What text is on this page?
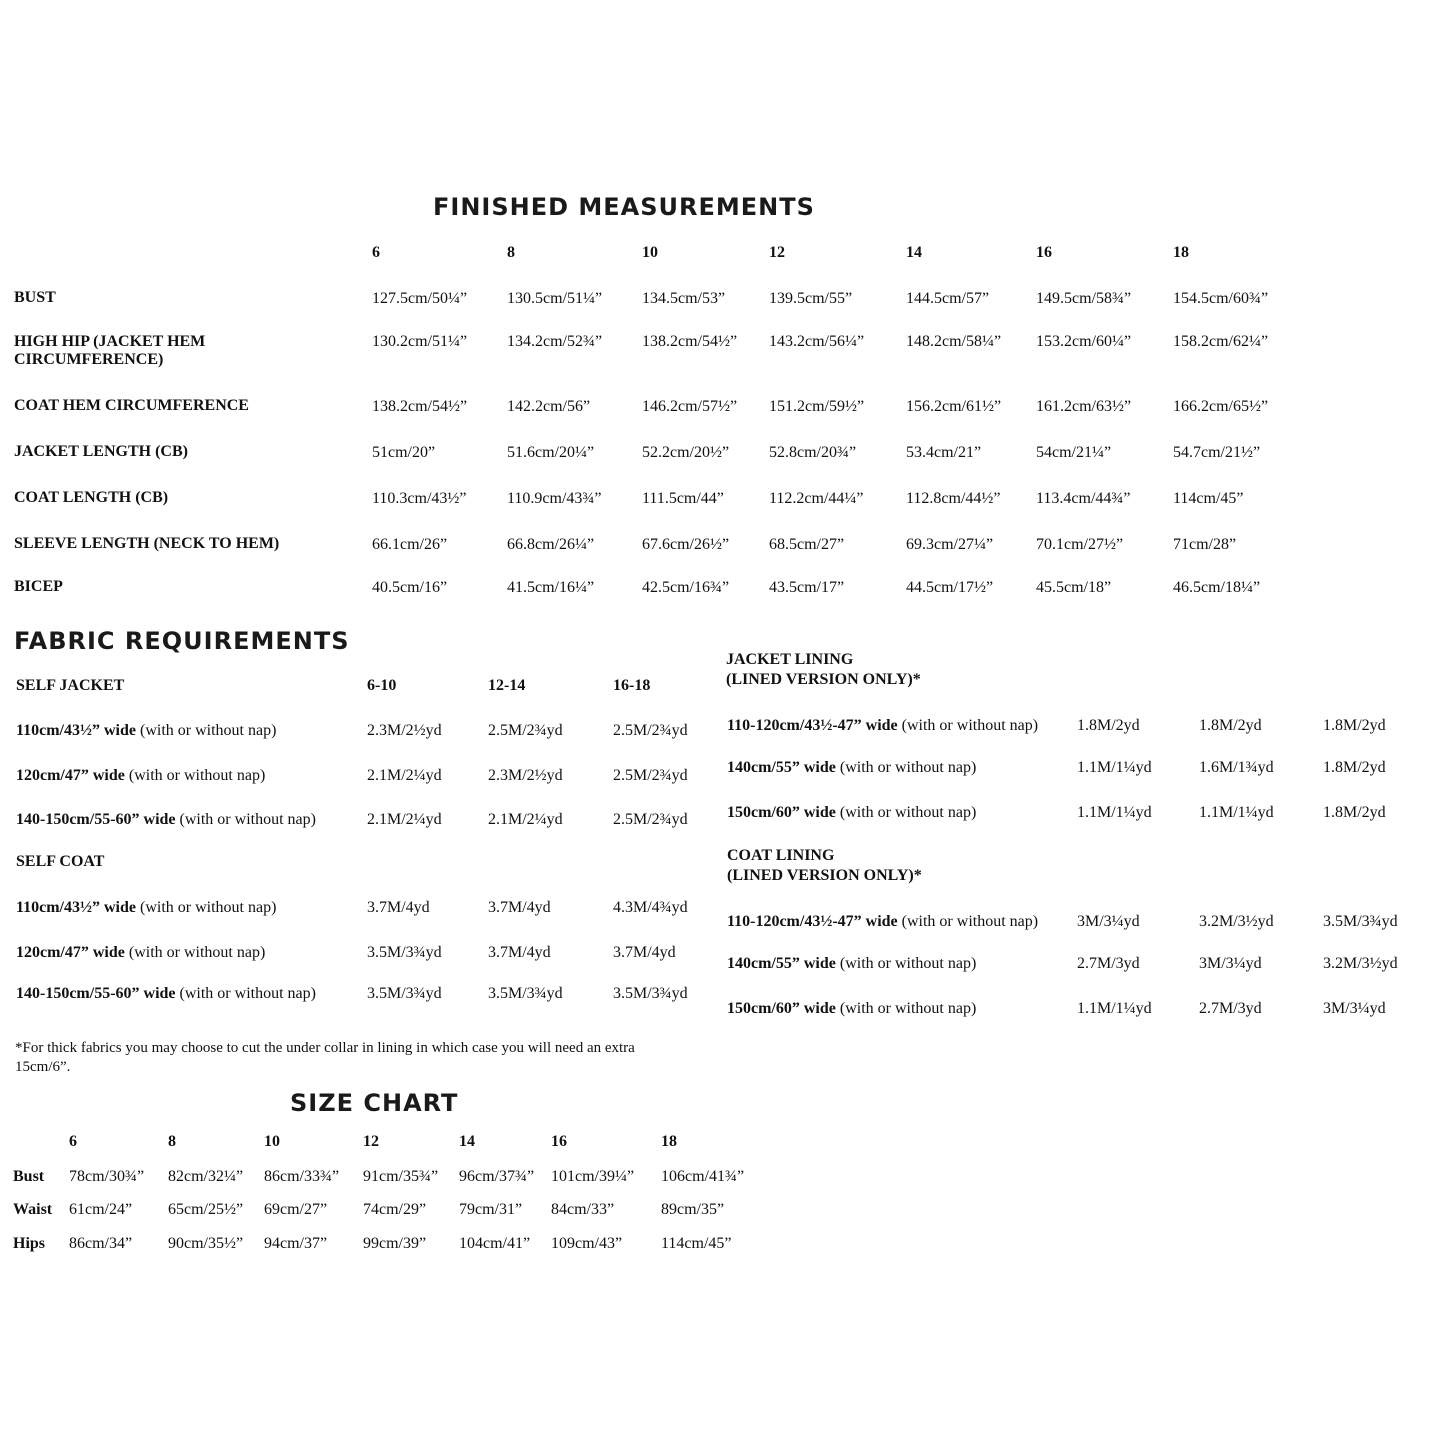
FINISHED MEASUREMENTS
6	8	10	12	14	16	18
BUST	127.5cm/50¼” 130.5cm/51¼” 134.5cm/53”	139.5cm/55”	144.5cm/57”	149.5cm/58¾”	154.5cm/60¾”
HIGH HIP (JACKET HEM
CIRCUMFERENCE)
130.2cm/51¼” 134.2cm/52¾” 138.2cm/54½” 143.2cm/56¼”	148.2cm/58¼” 153.2cm/60¼”	158.2cm/62¼”
COAT HEM CIRCUMFERENCE	138.2cm/54½” 142.2cm/56”	146.2cm/57½” 151.2cm/59½”	156.2cm/61½” 161.2cm/63½”	166.2cm/65½”
JACKET LENGTH (CB)	51cm/20”	51.6cm/20¼”	52.2cm/20½” 52.8cm/20¾”	53.4cm/21”	54cm/21¼”	54.7cm/21½”
COAT LENGTH (CB)	110.3cm/43½”	110.9cm/43¾”	111.5cm/44”	112.2cm/44¼”	112.8cm/44½” 113.4cm/44¾”	114cm/45”
SLEEVE LENGTH (NECK TO HEM)	66.1cm/26”	66.8cm/26¼”	67.6cm/26½” 68.5cm/27”	69.3cm/27¼”	70.1cm/27½”	71cm/28”
BICEP	40.5cm/16”	41.5cm/16¼”	42.5cm/16¾” 43.5cm/17”	44.5cm/17½”	45.5cm/18”	46.5cm/18¼”
FABRIC REQUIREMENTS
SELF JACKET	6-10	12-14	16-18
110cm/43½” wide (with or without nap)	2.3M/2½yd	2.5M/2¾yd	2.5M/2¾yd
120cm/47” wide (with or without nap)	2.1M/2¼yd	2.3M/2½yd	2.5M/2¾yd
140-150cm/55-60” wide (with or without nap)	2.1M/2¼yd	2.1M/2¼yd	2.5M/2¾yd
SELF COAT
110cm/43½” wide (with or without nap)	3.7M/4yd	3.7M/4yd	4.3M/4¾yd
120cm/47” wide (with or without nap)	3.5M/3¾yd	3.7M/4yd	3.7M/4yd
140-150cm/55-60” wide (with or without nap)	3.5M/3¾yd	3.5M/3¾yd	3.5M/3¾yd
JACKET LINING
(LINED VERSION ONLY)*
110-120cm/43½-47” wide (with or without nap) 1.8M/2yd	1.8M/2yd	1.8M/2yd
140cm/55” wide (with or without nap)	1.1M/1¼yd	1.6M/1¾yd	1.8M/2yd
150cm/60” wide (with or without nap)	1.1M/1¼yd	1.1M/1¼yd	1.8M/2yd
COAT LINING
(LINED VERSION ONLY)*
110-120cm/43½-47” wide (with or without nap) 3M/3¼yd	3.2M/3½yd	3.5M/3¾yd
140cm/55” wide (with or without nap)	2.7M/3yd	3M/3¼yd	3.2M/3½yd
150cm/60” wide (with or without nap)	1.1M/1¼yd	2.7M/3yd	3M/3¼yd
*For thick fabrics you may choose to cut the under collar in lining in which case you will need an extra
15cm/6”.
SIZE CHART
6	8	10	12	14	16	18
Bust 78cm/30¾” 82cm/32¼” 86cm/33¾” 91cm/35¾” 96cm/37¾” 101cm/39¼” 106cm/41¾”
Waist 61cm/24” 65cm/25½” 69cm/27” 74cm/29” 79cm/31” 84cm/33”	89cm/35”
Hips 86cm/34” 90cm/35½” 94cm/37” 99cm/39” 104cm/41” 109cm/43” 114cm/45”
